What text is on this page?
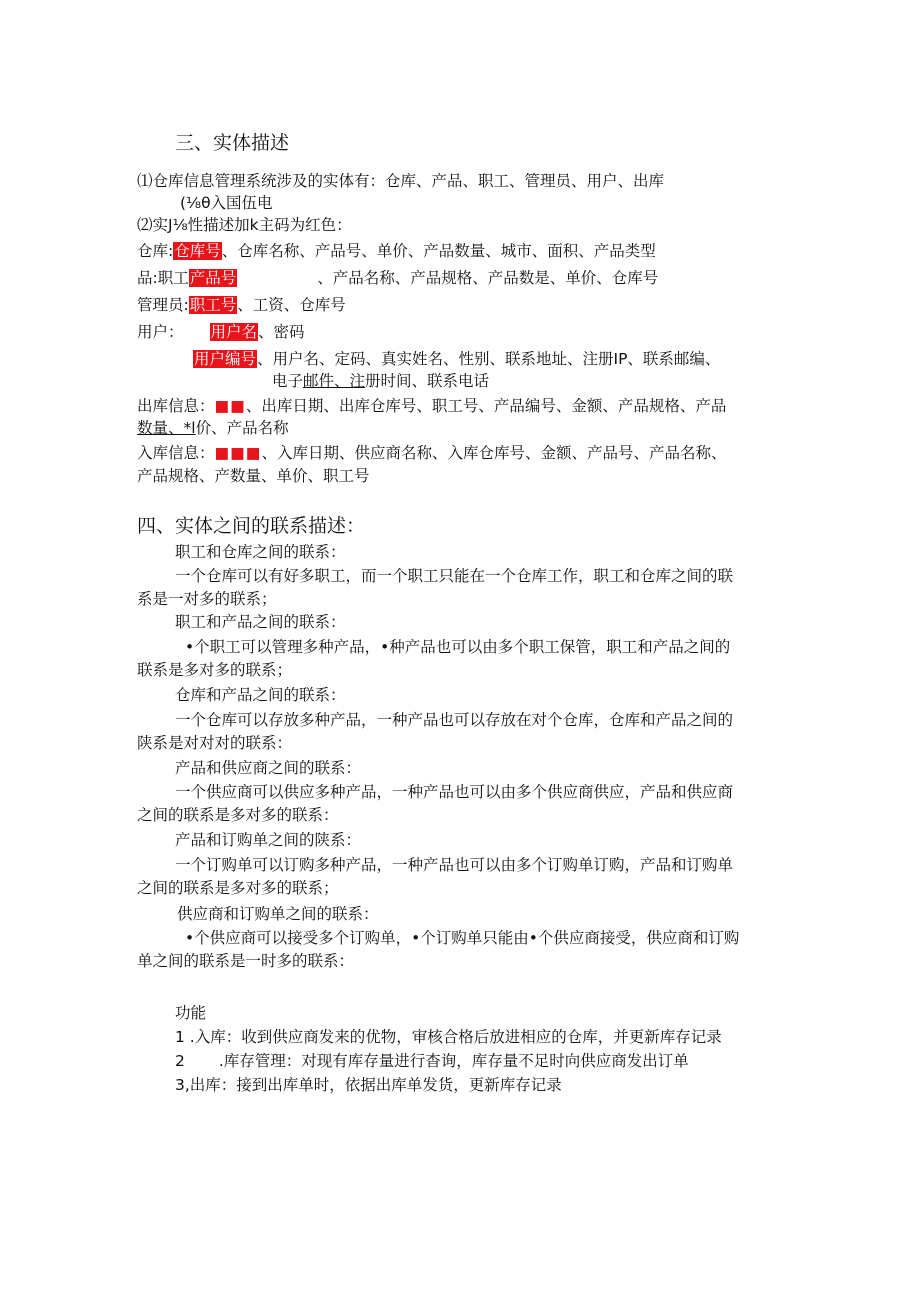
三、实体描述
⑴仓库信息管理系统涉及的实体有：仓库、产品、职工、管理员、用户、出库
(⅛θ入国伍电
⑵实J⅛性描述加k主码为红色：
仓库:仓库号、仓库名称、产品号、单价、产品数量、城市、面积、产品类型
品:职工产品号	、产品名称、产品规格、产品数是、单价、仓库号
管理员:职工号、工资、仓库号
用户： 用户名、密码
用户编号、用户名、定码、真实姓名、性别、联系地址、注册IP、联系邮编、
电子邮件、注册时间、联系电话
出库信息：■■、出库日期、出库仓库号、职工号、产品编号、金额、产品规格、产品
数量、*l价、产品名称
入库信息：■■■、入库日期、供应商名称、入库仓库号、金额、产品号、产品名称、
产品规格、产数量、单价、职工号
四、实体之间的联系描述：
职工和仓库之间的联系：
一个仓库可以有好多职工，而一个职工只能在一个仓库工作，职工和仓库之间的联
系是一对多的联系；
职工和产品之间的联系：
•个职工可以管理多种产品，•种产品也可以由多个职工保管，职工和产品之间的
联系是多对多的联系；
仓库和产品之间的联系：
一个仓库可以存放多种产品，一种产品也可以存放在对个仓库，仓库和产品之间的
陕系是对对对的联系：
产品和供应商之间的联系：
一个供应商可以供应多种产品，一种产品也可以由多个供应商供应，产品和供应商
之间的联系是多对多的联系：
产品和订购单之间的陕系：
一个订购单可以订购多种产品，一种产品也可以由多个订购单订购，产品和订购单
之间的联系是多对多的联系；
供应商和订购单之间的联系：
•个供应商可以接受多个订购单，•个订购单只能由•个供应商接受，供应商和订购
单之间的联系是一时多的联系：
功能
1 .入库：收到供应商发来的优物，审核合格后放进相应的仓库，并更新库存记录
2 .库存管理：对现有库存量进行杳询，库存量不足时向供应商发出订单
3,出库：接到出库单时，依据出库单发货，更新库存记录
